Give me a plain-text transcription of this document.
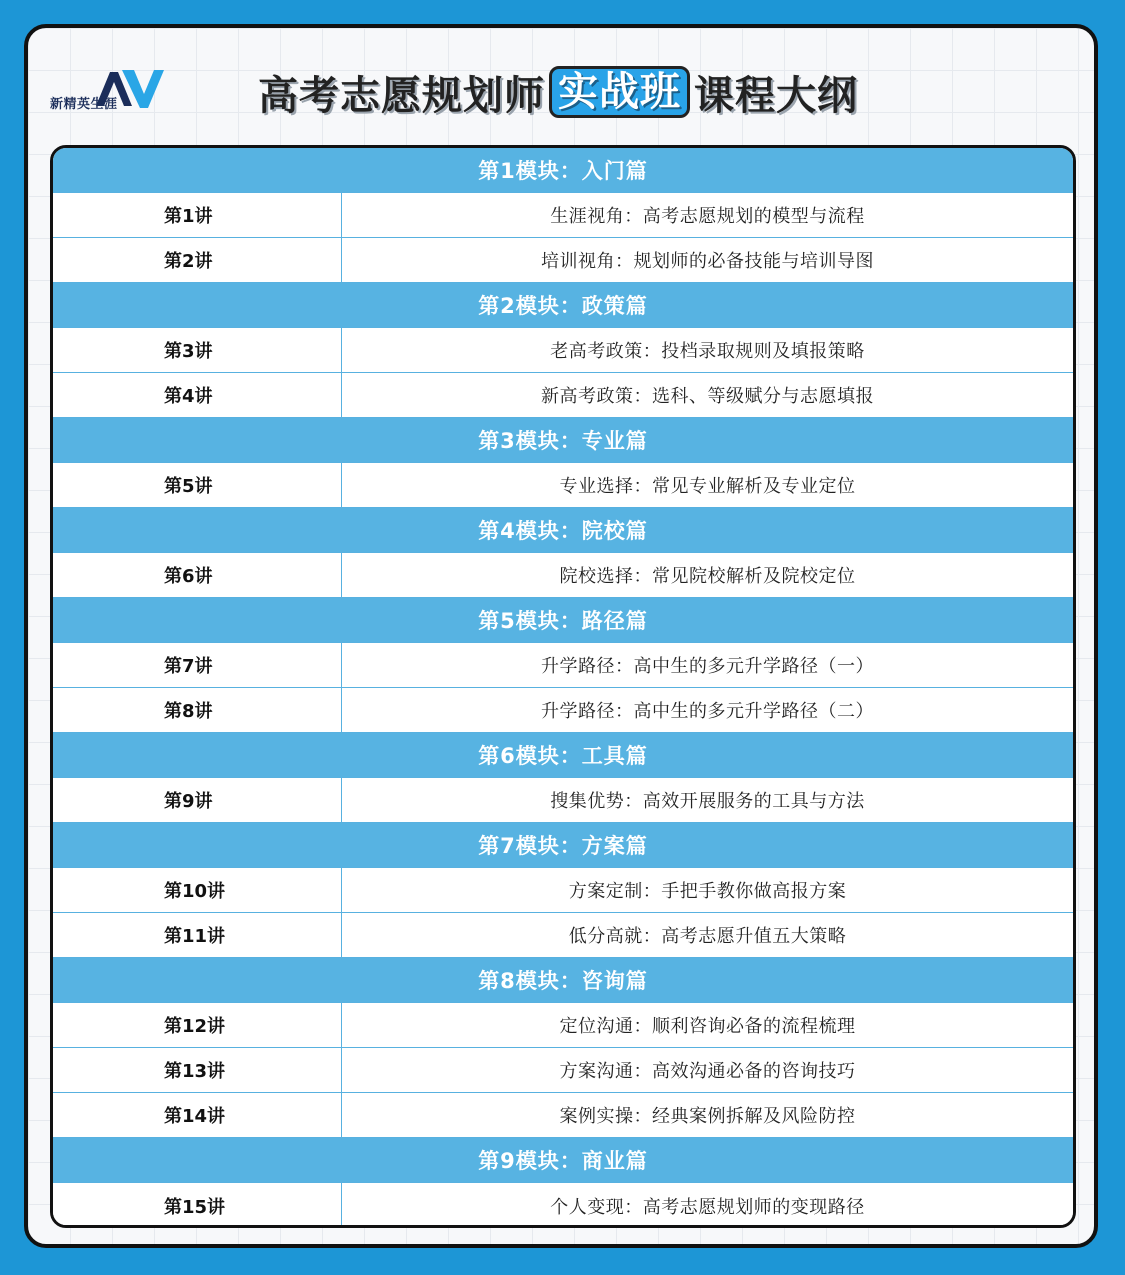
新精英生涯	高考志愿规划师 实战班 课程大纲
第1模块：入门篇
第1讲	生涯视角：高考志愿规划的模型与流程
第2讲	培训视角：规划师的必备技能与培训导图
第2模块：政策篇
第3讲	老高考政策：投档录取规则及填报策略
第4讲	新高考政策：选科、等级赋分与志愿填报
第3模块：专业篇
第5讲	专业选择：常见专业解析及专业定位
第4模块：院校篇
第6讲	院校选择：常见院校解析及院校定位
第5模块：路径篇
第7讲	升学路径：高中生的多元升学路径（一）
第8讲	升学路径：高中生的多元升学路径（二）
第6模块：工具篇
第9讲	搜集优势：高效开展服务的工具与方法
第7模块：方案篇
第10讲	方案定制：手把手教你做高报方案
第11讲	低分高就：高考志愿升值五大策略
第8模块：咨询篇
第12讲	定位沟通：顺利咨询必备的流程梳理
第13讲	方案沟通：高效沟通必备的咨询技巧
第14讲	案例实操：经典案例拆解及风险防控
第9模块：商业篇
第15讲	个人变现：高考志愿规划师的变现路径
